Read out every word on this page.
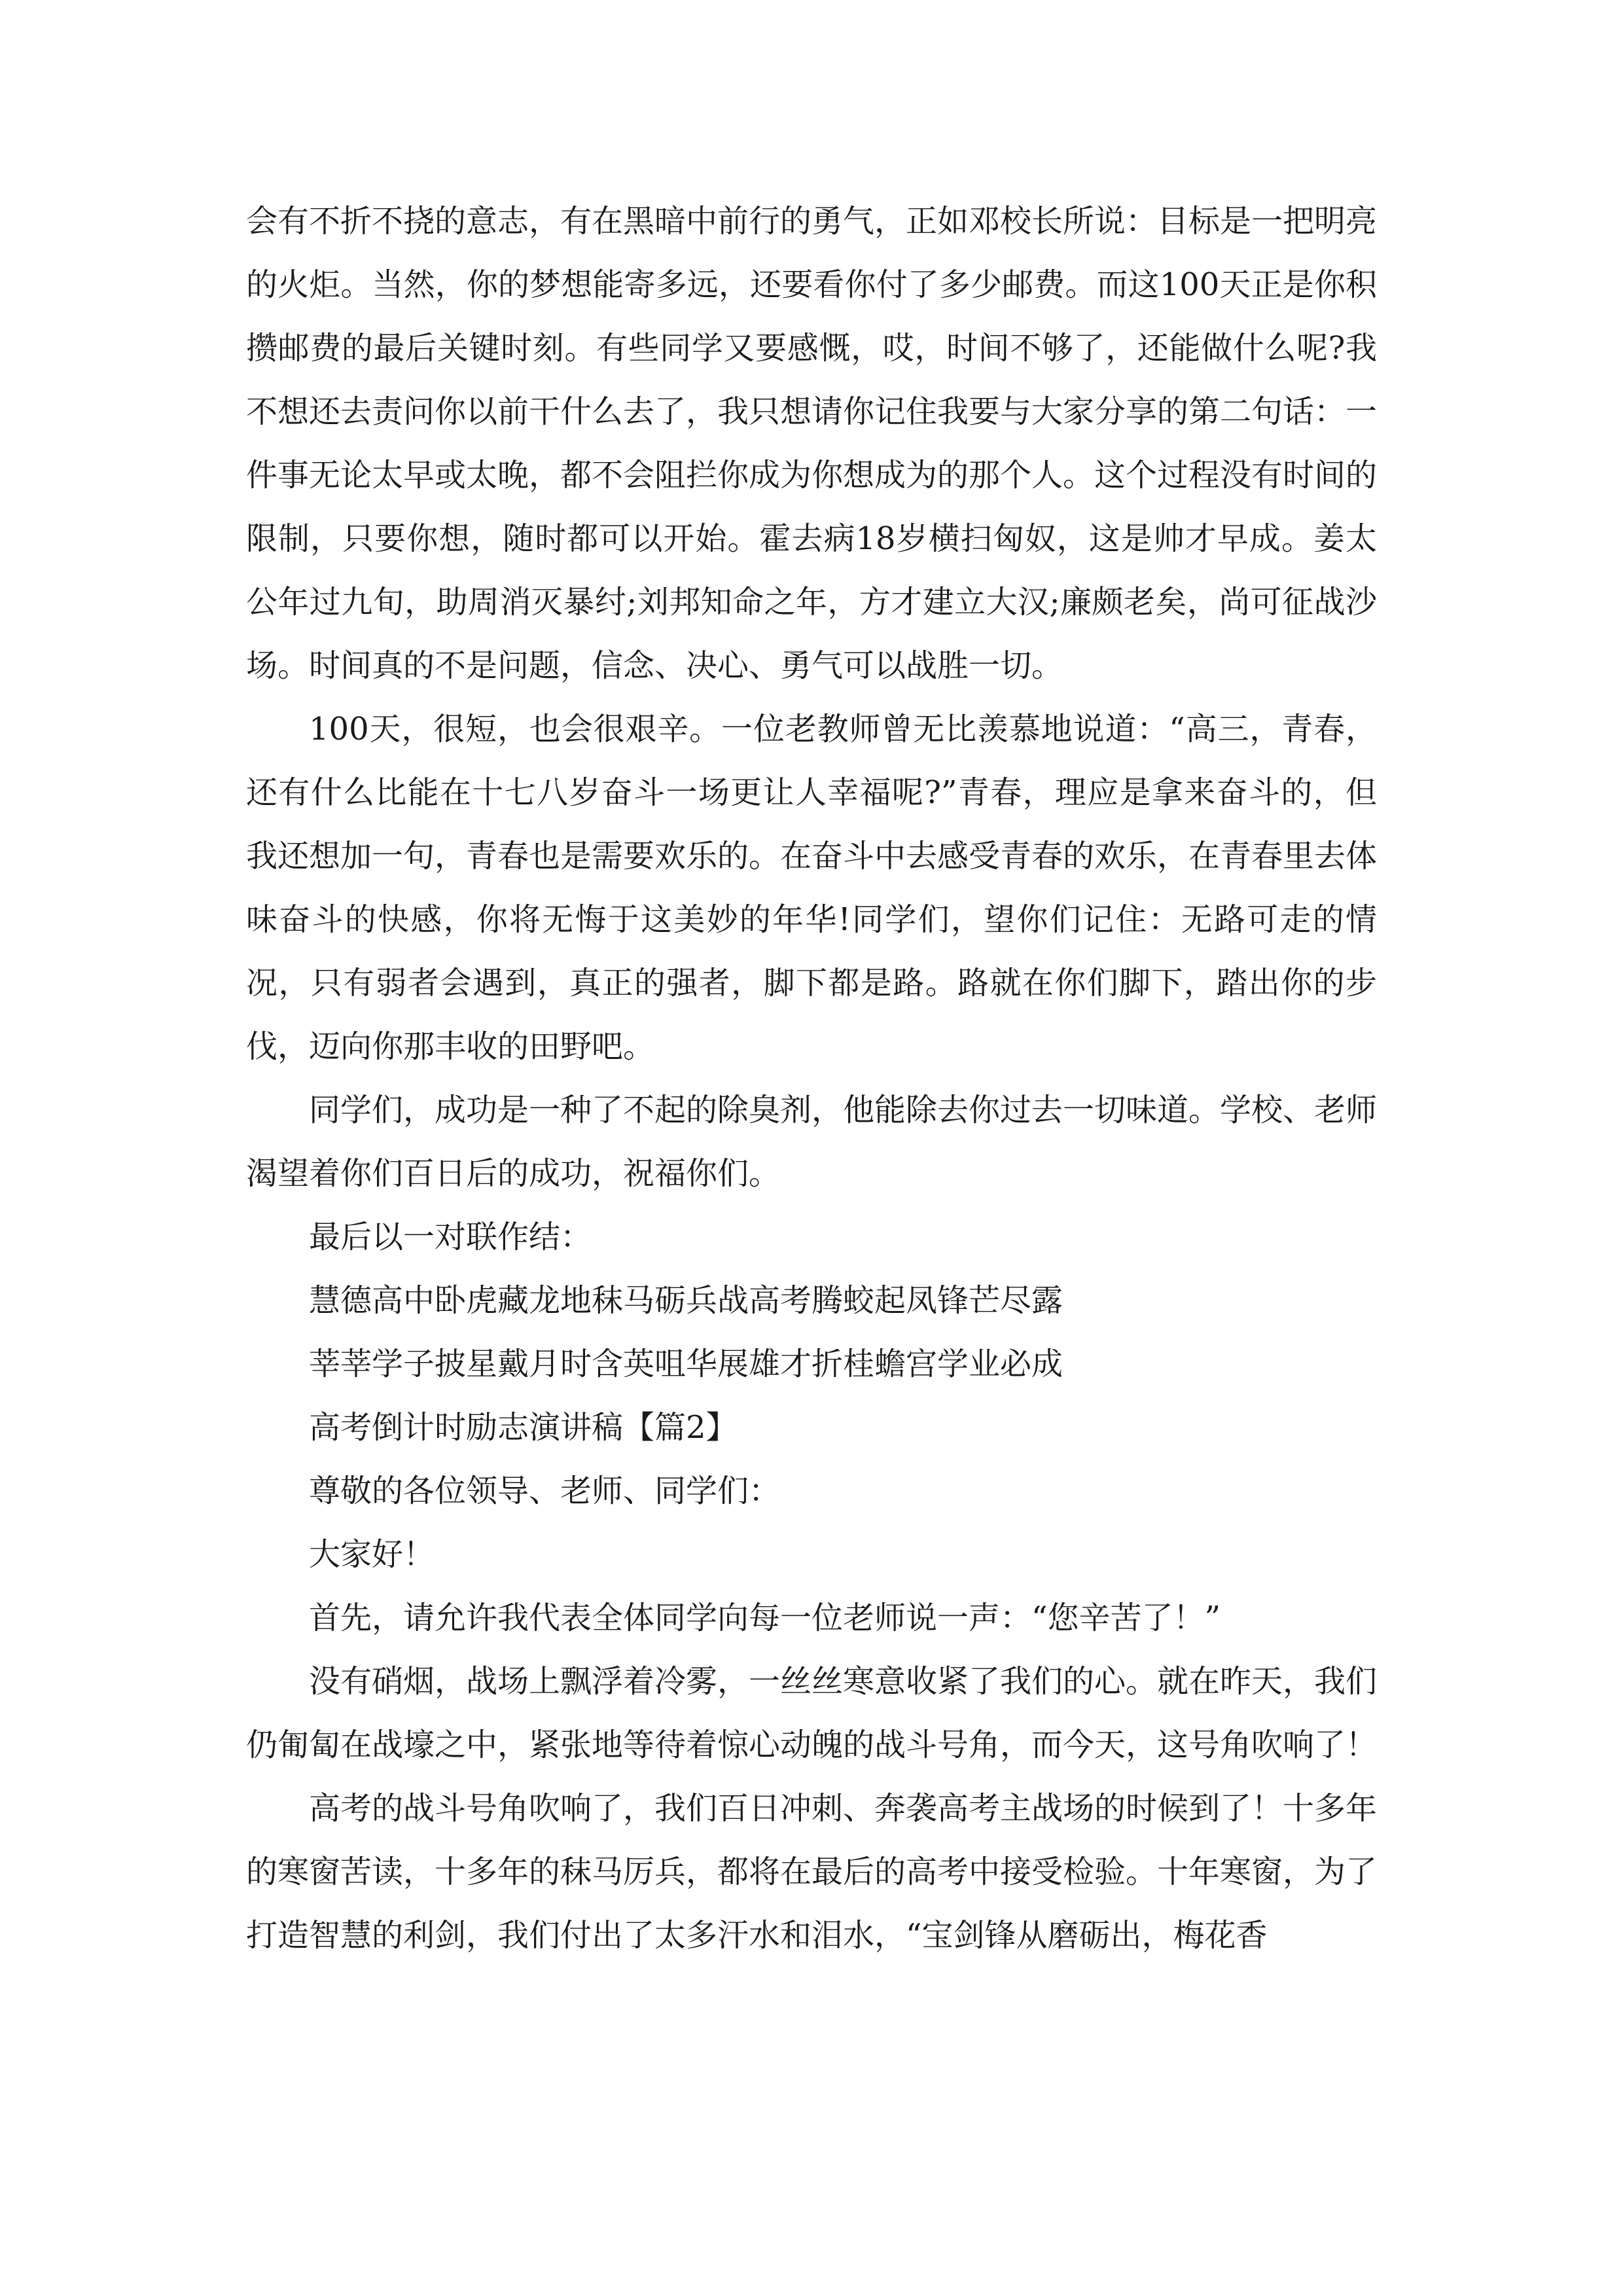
会有不折不挠的意志，有在黑暗中前行的勇气，正如邓校长所说：目标是一把明亮的火炬。当然，你的梦想能寄多远，还要看你付了多少邮费。而这100天正是你积攒邮费的最后关键时刻。有些同学又要感慨，哎，时间不够了，还能做什么呢?我不想还去责问你以前干什么去了，我只想请你记住我要与大家分享的第二句话：一件事无论太早或太晚，都不会阻拦你成为你想成为的那个人。这个过程没有时间的限制，只要你想，随时都可以开始。霍去病18岁横扫匈奴，这是帅才早成。姜太公年过九旬，助周消灭暴纣;刘邦知命之年，方才建立大汉;廉颇老矣，尚可征战沙场。时间真的不是问题，信念、决心、勇气可以战胜一切。

100天，很短，也会很艰辛。一位老教师曾无比羡慕地说道：“高三，青春，还有什么比能在十七八岁奋斗一场更让人幸福呢?”青春，理应是拿来奋斗的，但我还想加一句，青春也是需要欢乐的。在奋斗中去感受青春的欢乐，在青春里去体味奋斗的快感，你将无悔于这美妙的年华!同学们，望你们记住：无路可走的情况，只有弱者会遇到，真正的强者，脚下都是路。路就在你们脚下，踏出你的步伐，迈向你那丰收的田野吧。

同学们，成功是一种了不起的除臭剂，他能除去你过去一切味道。学校、老师渴望着你们百日后的成功，祝福你们。

最后以一对联作结：

慧德高中卧虎藏龙地秣马砺兵战高考腾蛟起凤锋芒尽露

莘莘学子披星戴月时含英咀华展雄才折桂蟾宫学业必成

高考倒计时励志演讲稿【篇2】

尊敬的各位领导、老师、同学们：

大家好！

首先，请允许我代表全体同学向每一位老师说一声：“您辛苦了！”

没有硝烟，战场上飘浮着冷雾，一丝丝寒意收紧了我们的心。就在昨天，我们仍匍匐在战壕之中，紧张地等待着惊心动魄的战斗号角，而今天，这号角吹响了！

高考的战斗号角吹响了，我们百日冲刺、奔袭高考主战场的时候到了！十多年的寒窗苦读，十多年的秣马厉兵，都将在最后的高考中接受检验。十年寒窗，为了打造智慧的利剑，我们付出了太多汗水和泪水，“宝剑锋从磨砺出，梅花香
